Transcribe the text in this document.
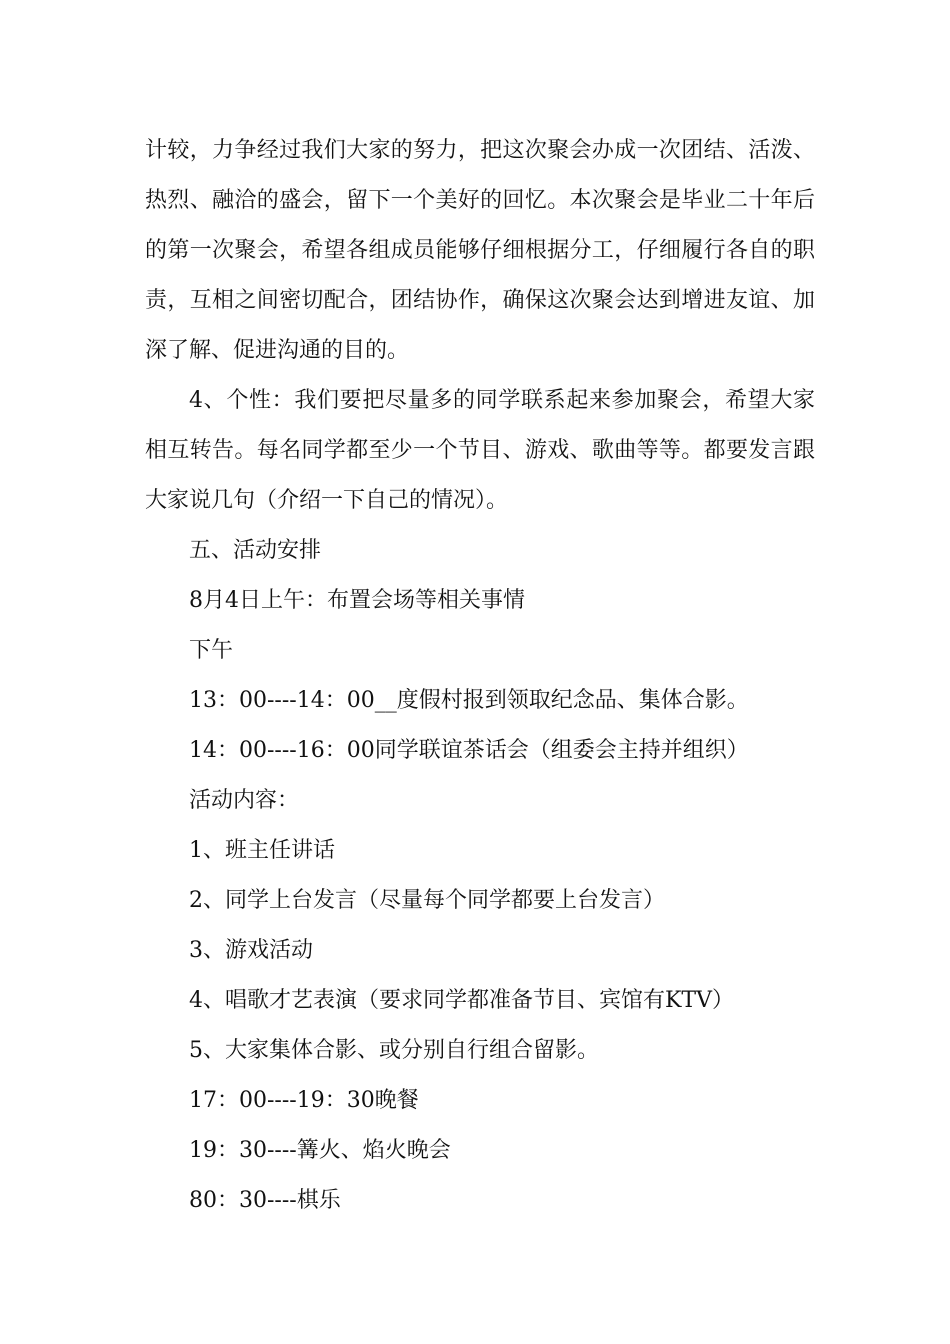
计较，力争经过我们大家的努力，把这次聚会办成一次团结、活泼、热烈、融洽的盛会，留下一个美好的回忆。本次聚会是毕业二十年后的第一次聚会，希望各组成员能够仔细根据分工，仔细履行各自的职责，互相之间密切配合，团结协作，确保这次聚会达到增进友谊、加深了解、促进沟通的目的。

4、个性：我们要把尽量多的同学联系起来参加聚会，希望大家相互转告。每名同学都至少一个节目、游戏、歌曲等等。都要发言跟大家说几句（介绍一下自己的情况）。

五、活动安排

8月4日上午：布置会场等相关事情

下午

13：00----14：00__度假村报到领取纪念品、集体合影。

14：00----16：00同学联谊茶话会（组委会主持并组织）

活动内容：

1、班主任讲话

2、同学上台发言（尽量每个同学都要上台发言）

3、游戏活动

4、唱歌才艺表演（要求同学都准备节目、宾馆有KTV）

5、大家集体合影、或分别自行组合留影。

17：00----19：30晚餐

19：30----篝火、焰火晚会

80：30----棋乐
